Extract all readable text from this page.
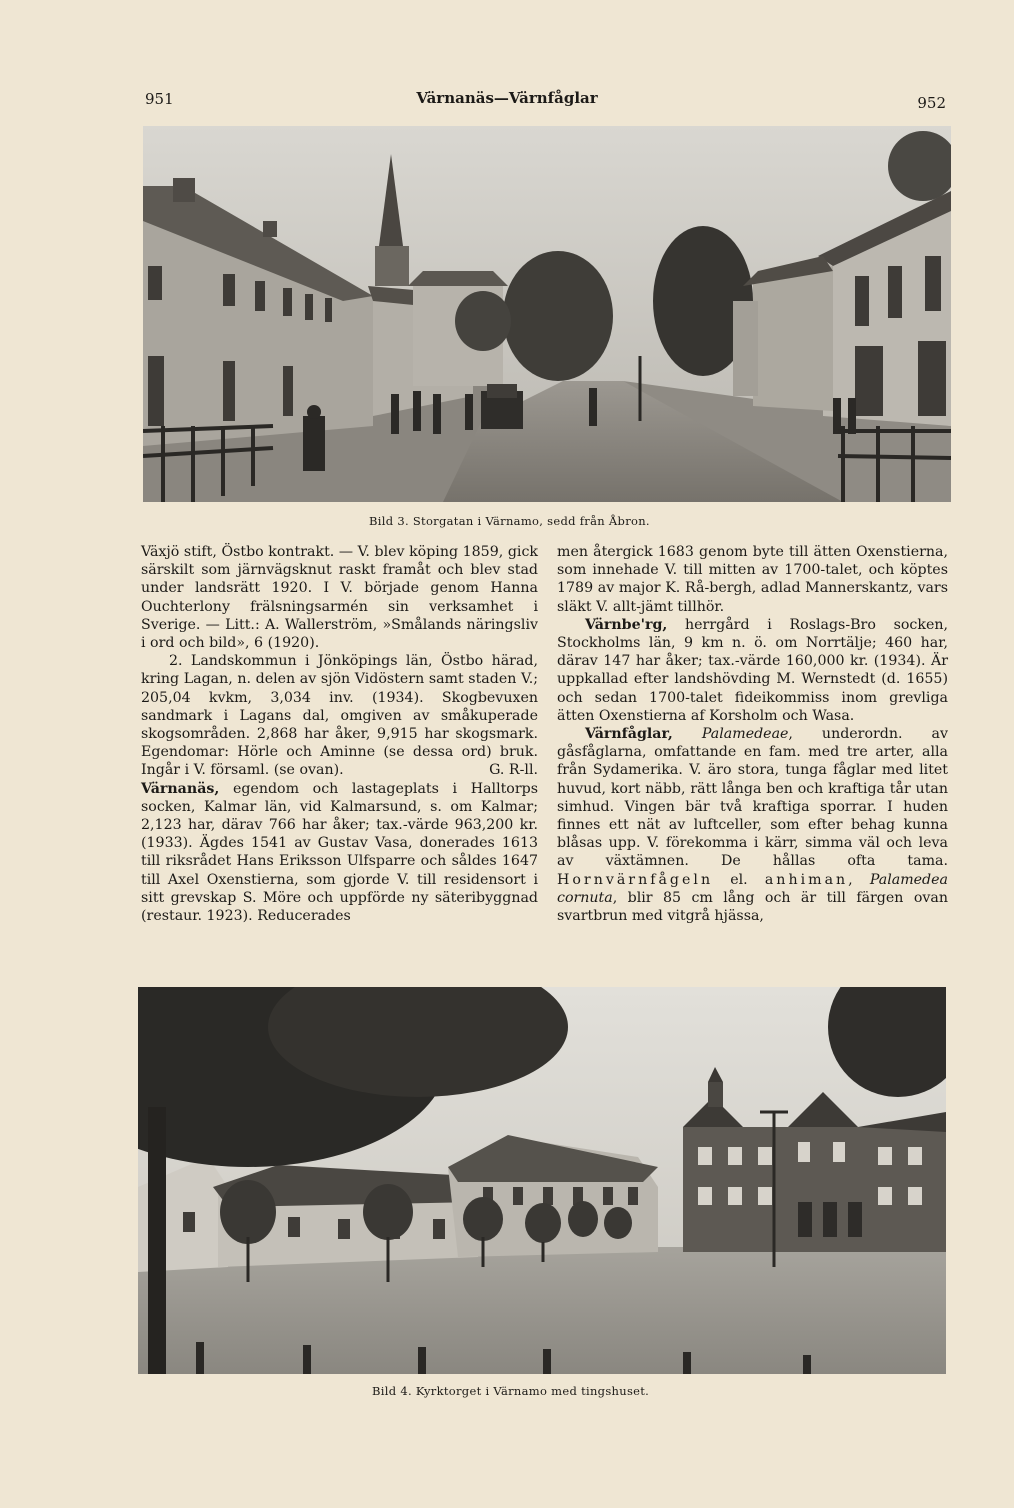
951	Värnanäs—Värnfåglar	952
Bild 3. Storgatan i Värnamo, sedd från Åbron.

Växjö stift, Östbo kontrakt. — V. blev köping 1859, gick särskilt som järnvägsknut raskt framåt och blev stad under landsrätt 1920. I V. började genom Hanna Ouchterlony frälsningsarmén sin verksamhet i Sverige. — Litt.: A. Wallerström, »Smålands näringsliv i ord och bild», 6 (1920).

2. Landskommun i Jönköpings län, Östbo härad, kring Lagan, n. delen av sjön Vidöstern samt staden V.; 205,04 kvkm, 3,034 inv. (1934). Skogbevuxen sandmark i Lagans dal, omgiven av småkuperade skogsområden. 2,868 har åker, 9,915 har skogsmark. Egendomar: Hörle och Aminne (se dessa ord) bruk. Ingår i V. församl. (se ovan).	G. R-ll.

Värnanäs, egendom och lastageplats i Halltorps socken, Kalmar län, vid Kalmarsund, s. om Kalmar; 2,123 har, därav 766 har åker; tax.-värde 963,200 kr. (1933). Ägdes 1541 av Gustav Vasa, donerades 1613 till riksrådet Hans Eriksson Ulfsparre och såldes 1647 till Axel Oxenstierna, som gjorde V. till residensort i sitt grevskap S. Möre och uppförde ny säteribyggnad (restaur. 1923). Reducerades

men återgick 1683 genom byte till ätten Oxenstierna, som innehade V. till mitten av 1700-talet, och köptes 1789 av major K. Rå-bergh, adlad Mannerskantz, vars släkt V. allt-jämt tillhör.

Värnbe'rg, herrgård i Roslags-Bro socken, Stockholms län, 9 km n. ö. om Norrtälje; 460 har, därav 147 har åker; tax.-värde 160,000 kr. (1934). Är uppkallad efter landshövding M. Wernstedt (d. 1655) och sedan 1700-talet fideikommiss inom grevliga ätten Oxenstierna af Korsholm och Wasa.

Värnfåglar, Palamedeae, underordn. av gåsfåglarna, omfattande en fam. med tre arter, alla från Sydamerika. V. äro stora, tunga fåglar med litet huvud, kort näbb, rätt långa ben och kraftiga tår utan simhud. Vingen bär två kraftiga sporrar. I huden finnes ett nät av luftceller, som efter behag kunna blåsas upp. V. förekomma i kärr, simma väl och leva av växtämnen. De hållas ofta tama. Hornvärnfågeln el. anhiman, Palamedea cornuta, blir 85 cm lång och är till färgen ovan svartbrun med vitgrå hjässa,

Bild 4. Kyrktorget i Värnamo med tingshuset.
